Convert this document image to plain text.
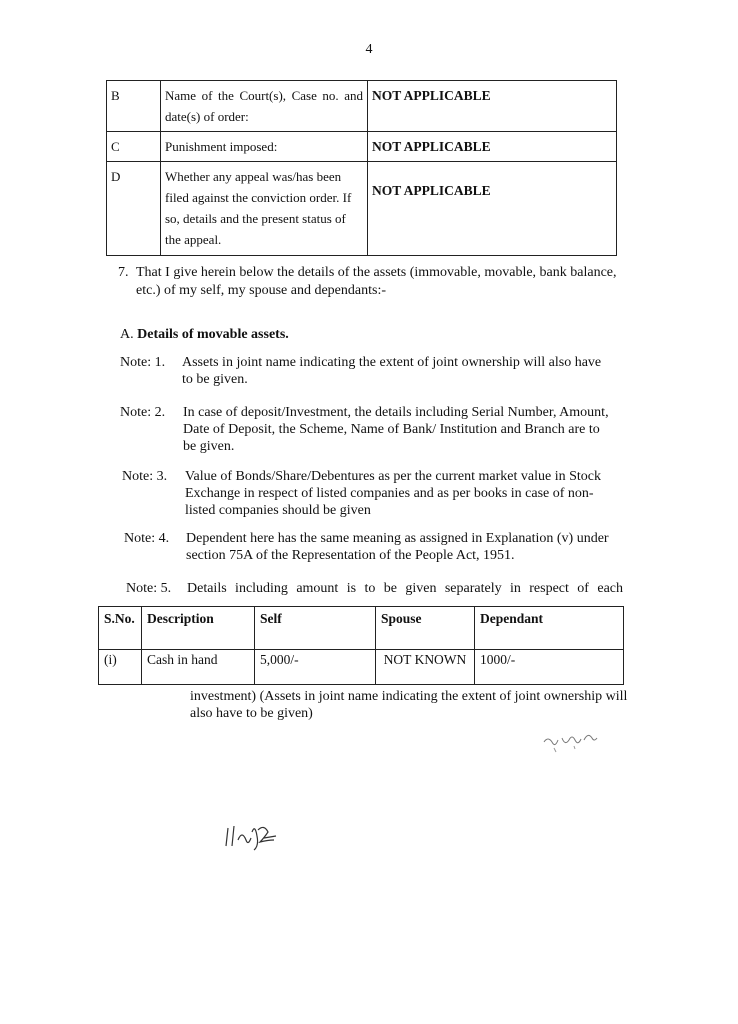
4
B	Name of the Court(s), Case no. and date(s) of order:	NOT APPLICABLE
C	Punishment imposed:	NOT APPLICABLE
D	Whether any appeal was/has been filed against the conviction order. If so, details and the present status of the appeal.	NOT APPLICABLE
7. That I give herein below the details of the assets (immovable, movable, bank balance, etc.) of my self, my spouse and dependants:-
A. Details of movable assets.
Note: 1. Assets in joint name indicating the extent of joint ownership will also have to be given.
Note: 2. In case of deposit/Investment, the details including Serial Number, Amount, Date of Deposit, the Scheme, Name of Bank/ Institution and Branch are to be given.
Note: 3. Value of Bonds/Share/Debentures as per the current market value in Stock Exchange in respect of listed companies and as per books in case of non- listed companies should be given
Note: 4. Dependent here has the same meaning as assigned in Explanation (v) under section 75A of the Representation of the People Act, 1951.
Note: 5. Details including amount is to be given separately in respect of each
S.No.	Description	Self	Spouse	Dependant
(i)	Cash in hand	5,000/-	NOT KNOWN	1000/-
investment) (Assets in joint name indicating the extent of joint ownership will also have to be given)
